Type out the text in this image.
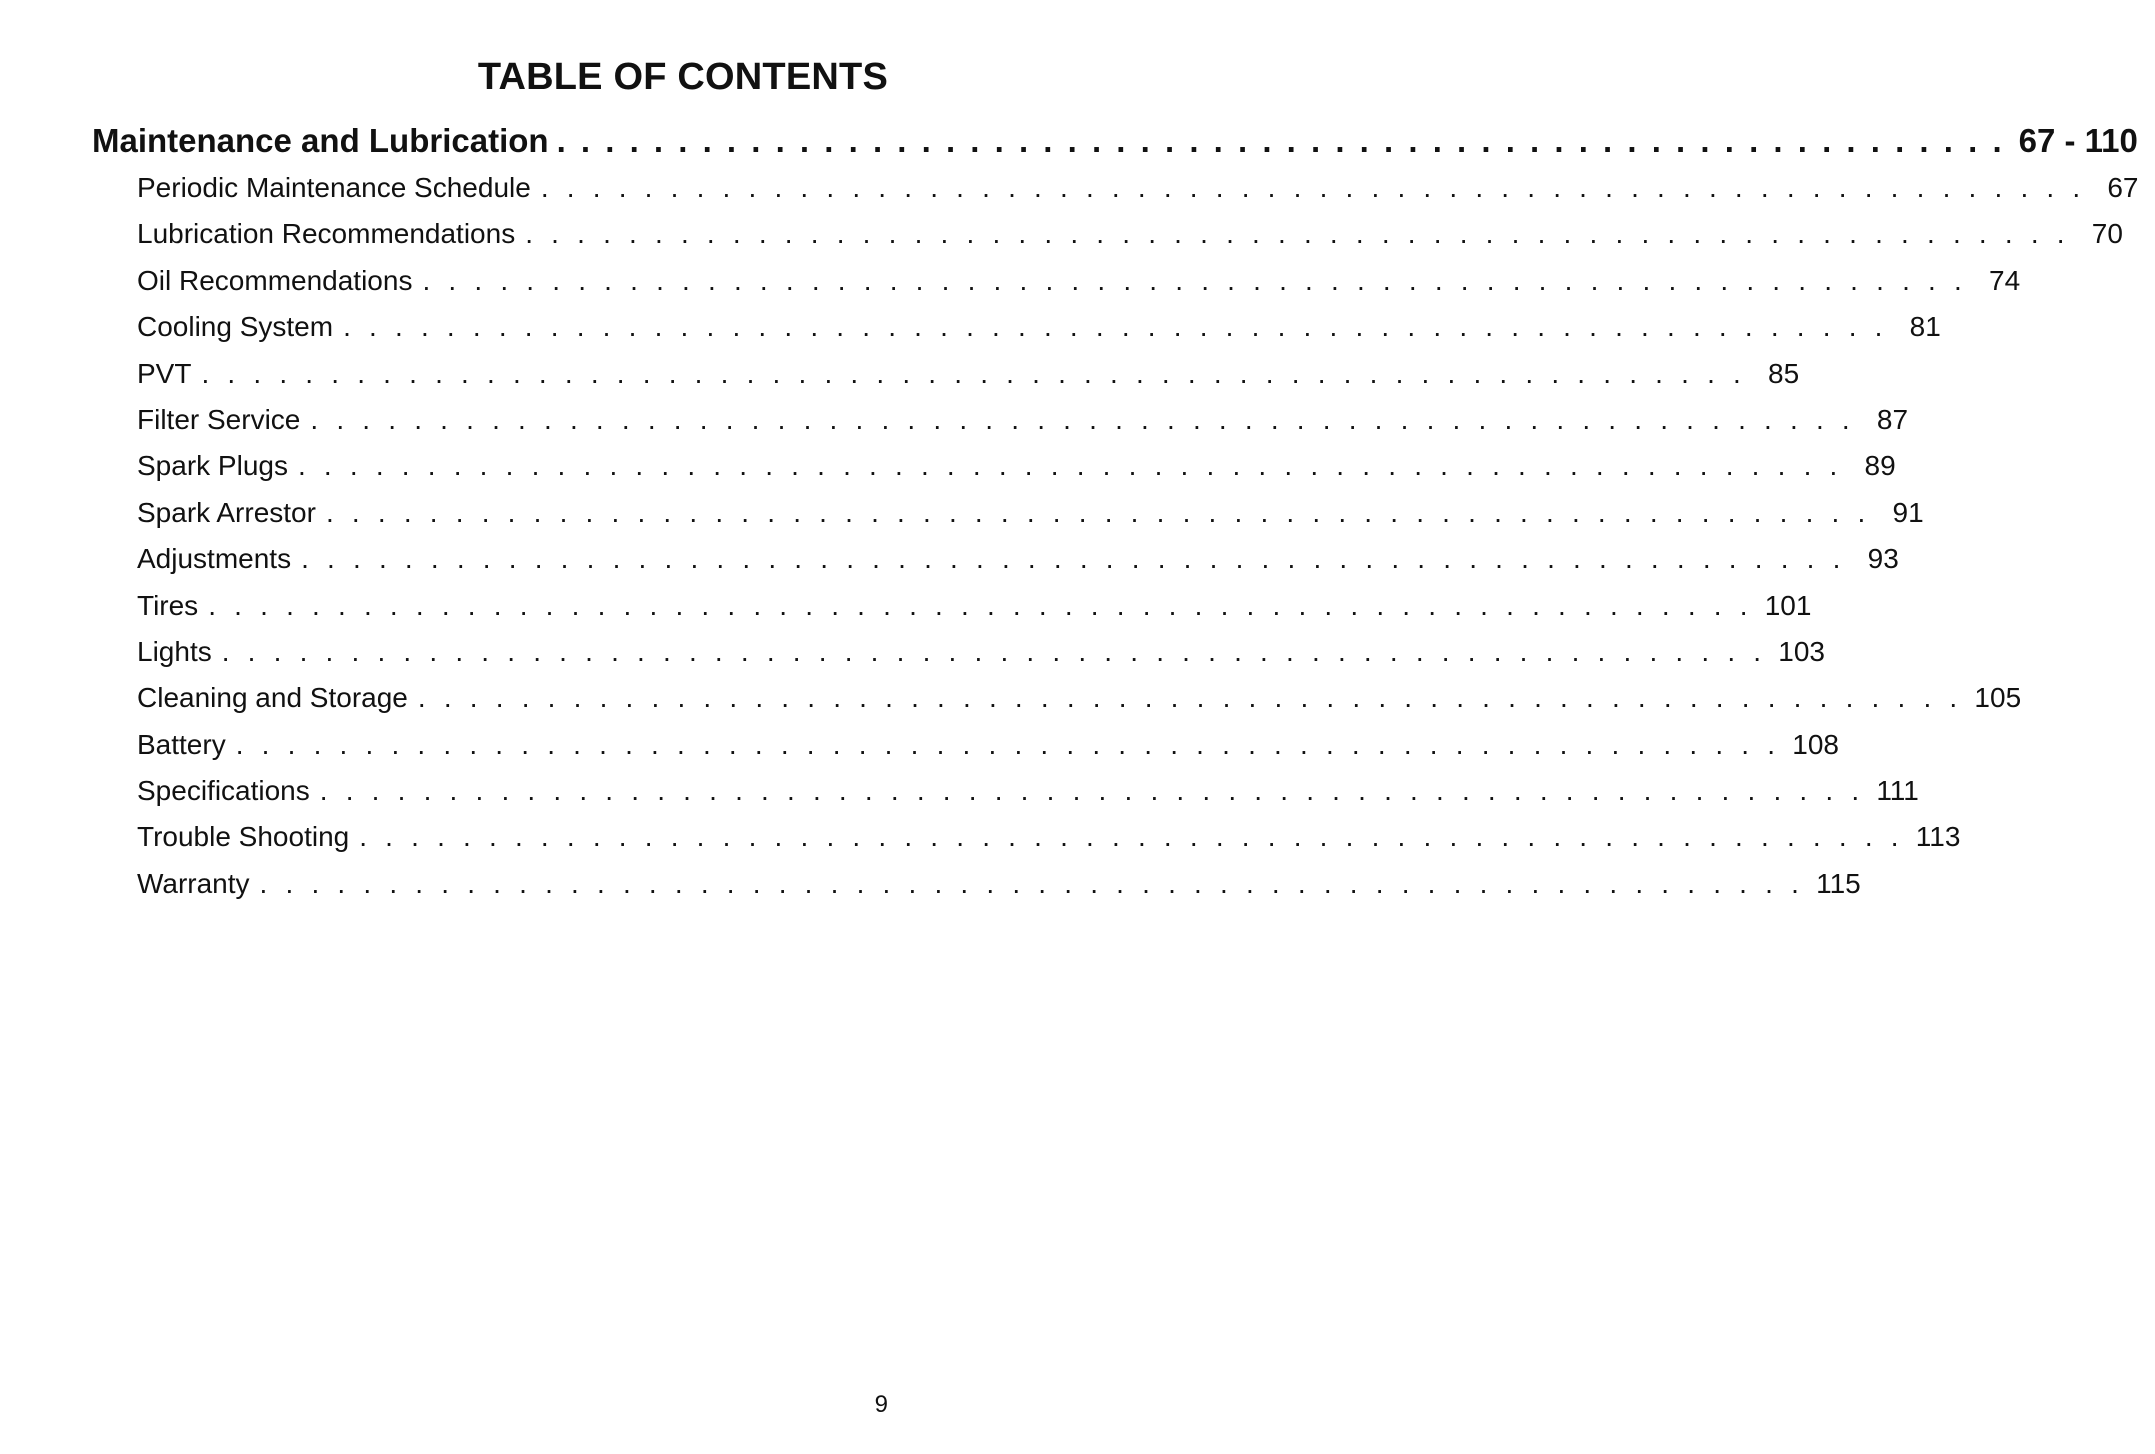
TABLE OF CONTENTS
Maintenance and Lubrication . . . . . . . . . . . . . . . . . . . . . . . . . . . . . . . . . . . . . . . . . . . . . . . . . . . . . . . . . . . . 67 - 110
Periodic Maintenance Schedule . . . . . . . . . . . . . . . . . . . . . . . . . . . . . . . . . . . . . . . . . . . . . . . . . . . . . . . . . . . . 67
Lubrication Recommendations . . . . . . . . . . . . . . . . . . . . . . . . . . . . . . . . . . . . . . . . . . . . . . . . . . . . . . . . . . . . 70
Oil Recommendations . . . . . . . . . . . . . . . . . . . . . . . . . . . . . . . . . . . . . . . . . . . . . . . . . . . . . . . . . . . . 74
Cooling System . . . . . . . . . . . . . . . . . . . . . . . . . . . . . . . . . . . . . . . . . . . . . . . . . . . . . . . . . . . . 81
PVT . . . . . . . . . . . . . . . . . . . . . . . . . . . . . . . . . . . . . . . . . . . . . . . . . . . . . . . . . . . . 85
Filter Service . . . . . . . . . . . . . . . . . . . . . . . . . . . . . . . . . . . . . . . . . . . . . . . . . . . . . . . . . . . . 87
Spark Plugs . . . . . . . . . . . . . . . . . . . . . . . . . . . . . . . . . . . . . . . . . . . . . . . . . . . . . . . . . . . . 89
Spark Arrestor . . . . . . . . . . . . . . . . . . . . . . . . . . . . . . . . . . . . . . . . . . . . . . . . . . . . . . . . . . . . 91
Adjustments . . . . . . . . . . . . . . . . . . . . . . . . . . . . . . . . . . . . . . . . . . . . . . . . . . . . . . . . . . . . 93
Tires . . . . . . . . . . . . . . . . . . . . . . . . . . . . . . . . . . . . . . . . . . . . . . . . . . . . . . . . . . . . 101
Lights . . . . . . . . . . . . . . . . . . . . . . . . . . . . . . . . . . . . . . . . . . . . . . . . . . . . . . . . . . . . 103
Cleaning and Storage . . . . . . . . . . . . . . . . . . . . . . . . . . . . . . . . . . . . . . . . . . . . . . . . . . . . . . . . . . . . 105
Battery . . . . . . . . . . . . . . . . . . . . . . . . . . . . . . . . . . . . . . . . . . . . . . . . . . . . . . . . . . . . 108
Specifications . . . . . . . . . . . . . . . . . . . . . . . . . . . . . . . . . . . . . . . . . . . . . . . . . . . . . . . . . . . . 111
Trouble Shooting . . . . . . . . . . . . . . . . . . . . . . . . . . . . . . . . . . . . . . . . . . . . . . . . . . . . . . . . . . . . 113
Warranty . . . . . . . . . . . . . . . . . . . . . . . . . . . . . . . . . . . . . . . . . . . . . . . . . . . . . . . . . . . . 115
9
